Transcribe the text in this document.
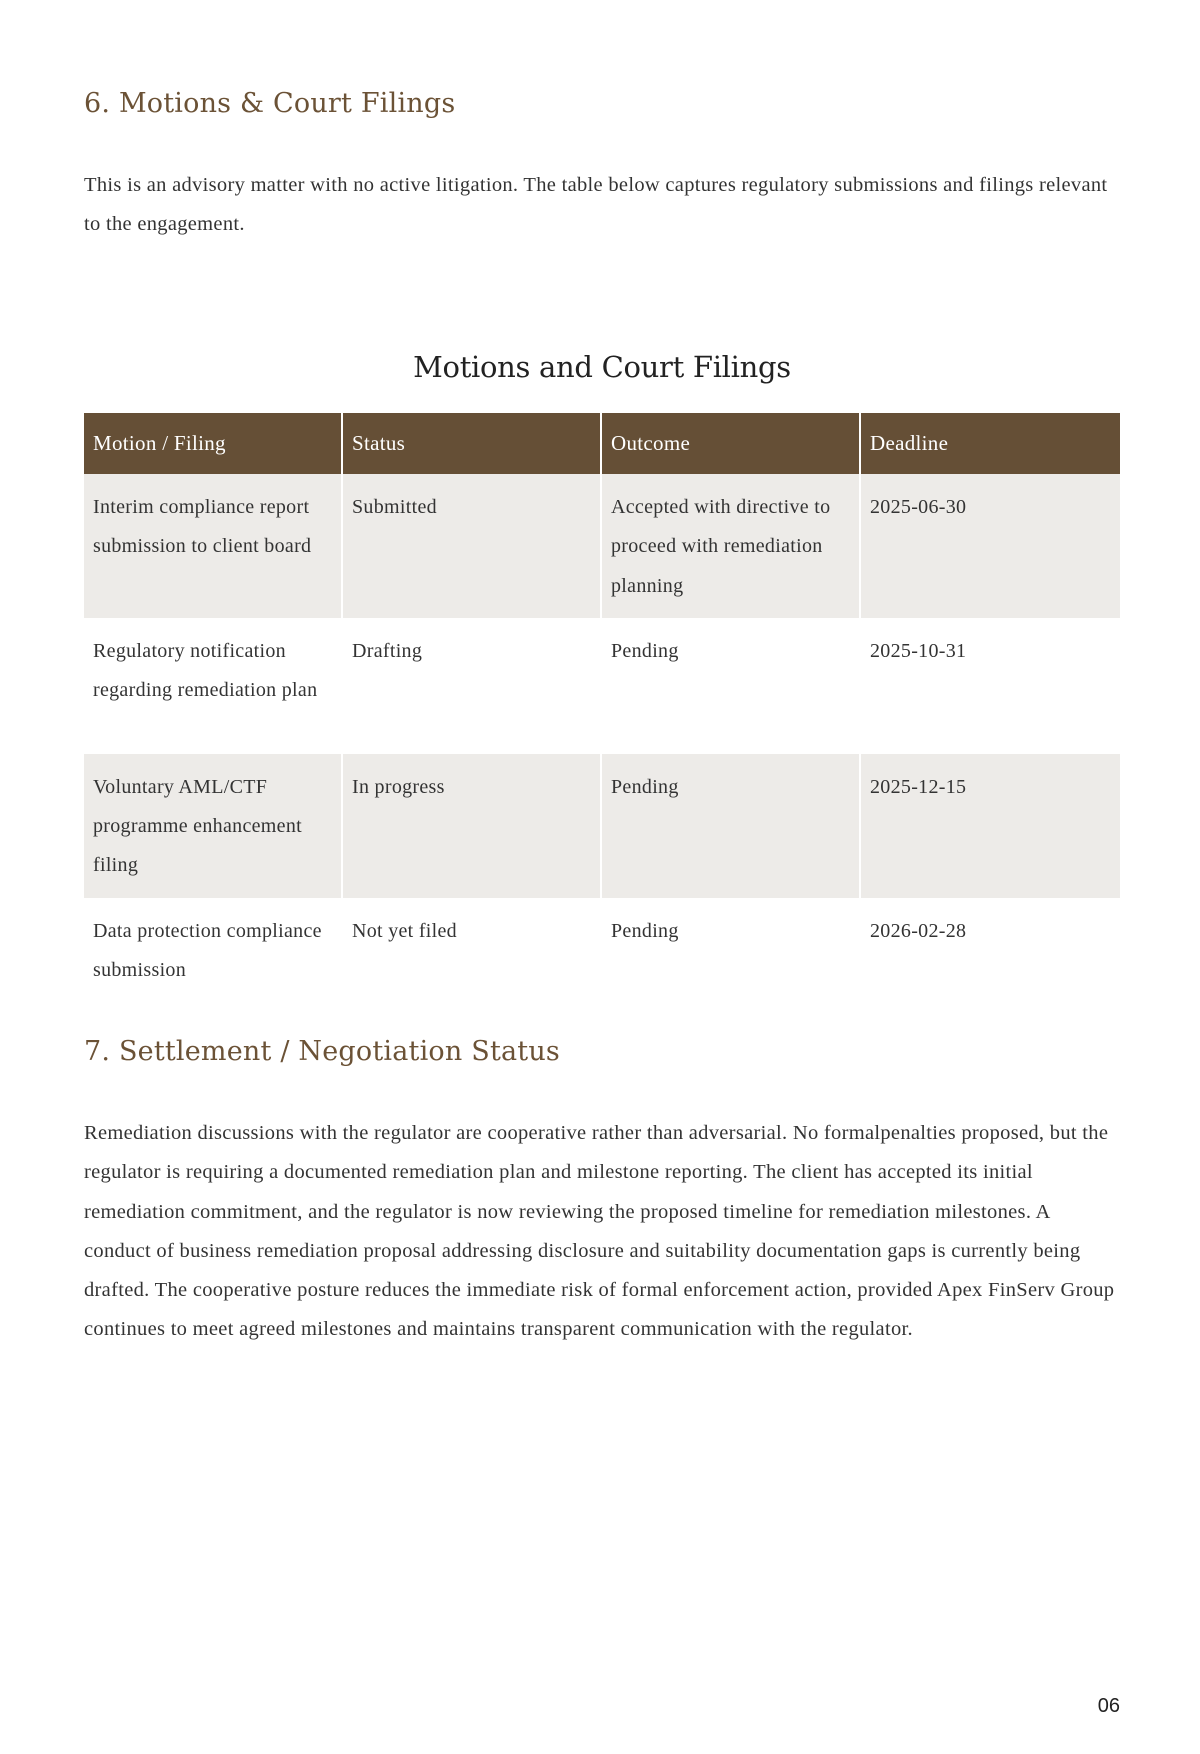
6. Motions & Court Filings

This is an advisory matter with no active litigation. The table below captures regulatory submissions and filings relevant to the engagement.

Motions and Court Filings
Motion / Filing	Status	Outcome	Deadline
Interim compliance report submission to client board	Submitted	Accepted with directive to proceed with remediation planning	2025-06-30
Regulatory notification regarding remediation plan	Drafting	Pending	2025-10-31
Voluntary AML/CTF programme enhancement filing	In progress	Pending	2025-12-15
Data protection compliance submission	Not yet filed	Pending	2026-02-28
7. Settlement / Negotiation Status

Remediation discussions with the regulator are cooperative rather than adversarial. No formalpenalties proposed, but the regulator is requiring a documented remediation plan and milestone reporting. The client has accepted its initial remediation commitment, and the regulator is now reviewing the proposed timeline for remediation milestones. A conduct of business remediation proposal addressing disclosure and suitability documentation gaps is currently being drafted. The cooperative posture reduces the immediate risk of formal enforcement action, provided Apex FinServ Group continues to meet agreed milestones and maintains transparent communication with the regulator.

06
